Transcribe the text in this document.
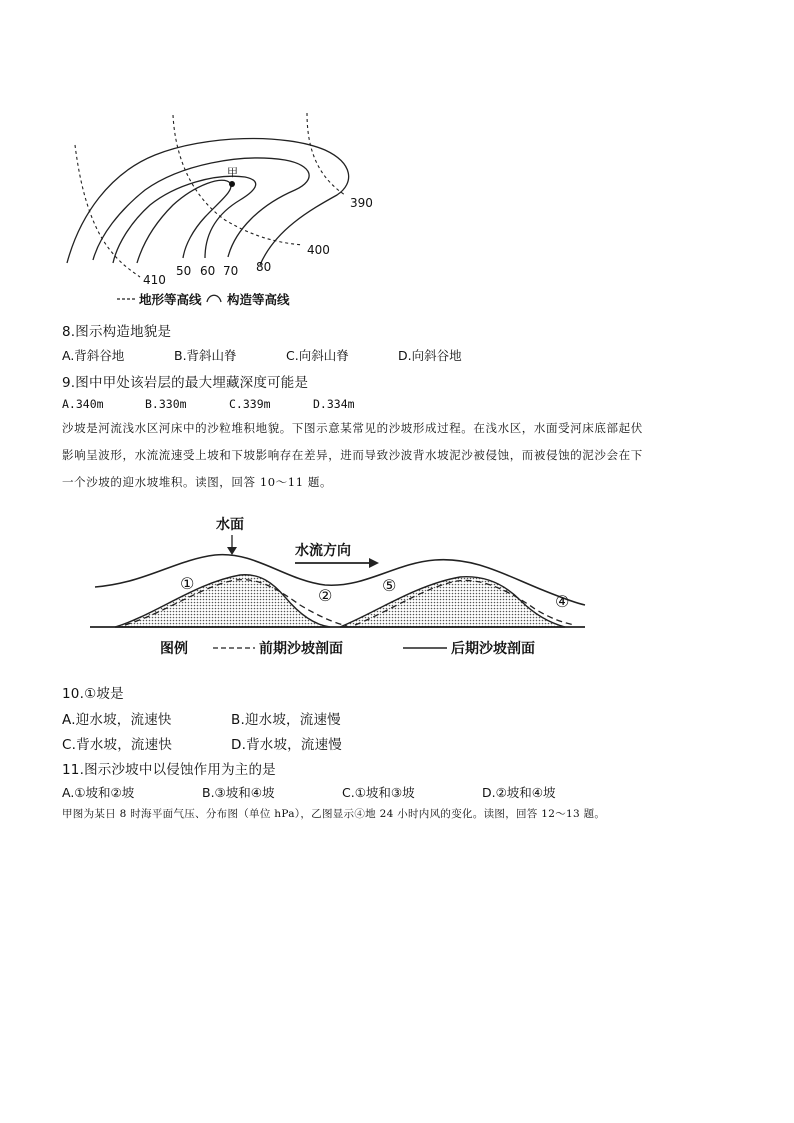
甲
390
400
410
50 60 70 80
地形等高线 构造等高线
8.图示构造地貌是
A.背斜谷地	B.背斜山脊	C.向斜山脊	D.向斜谷地
9.图中甲处该岩层的最大埋藏深度可能是
A.340m	B.330m	C.339m	D.334m
沙坡是河流浅水区河床中的沙粒堆积地貌。下图示意某常见的沙坡形成过程。在浅水区，水面受河床底部起伏
影响呈波形，水流流速受上坡和下坡影响存在差异，进而导致沙波背水坡泥沙被侵蚀，而被侵蚀的泥沙会在下
一个沙坡的迎水坡堆积。读图，回答 10～11 题。
水面
水流方向
①
②
⑤
④
图例	前期沙坡剖面	后期沙坡剖面
10.①坡是
A.迎水坡，流速快	B.迎水坡，流速慢
C.背水坡，流速快	D.背水坡，流速慢
11.图示沙坡中以侵蚀作用为主的是
A.①坡和②坡	B.③坡和④坡	C.①坡和③坡	D.②坡和④坡
甲图为某日 8 时海平面气压、分布图（单位 hPa），乙图显示④地 24 小时内风的变化。读图，回答 12～13 题。
